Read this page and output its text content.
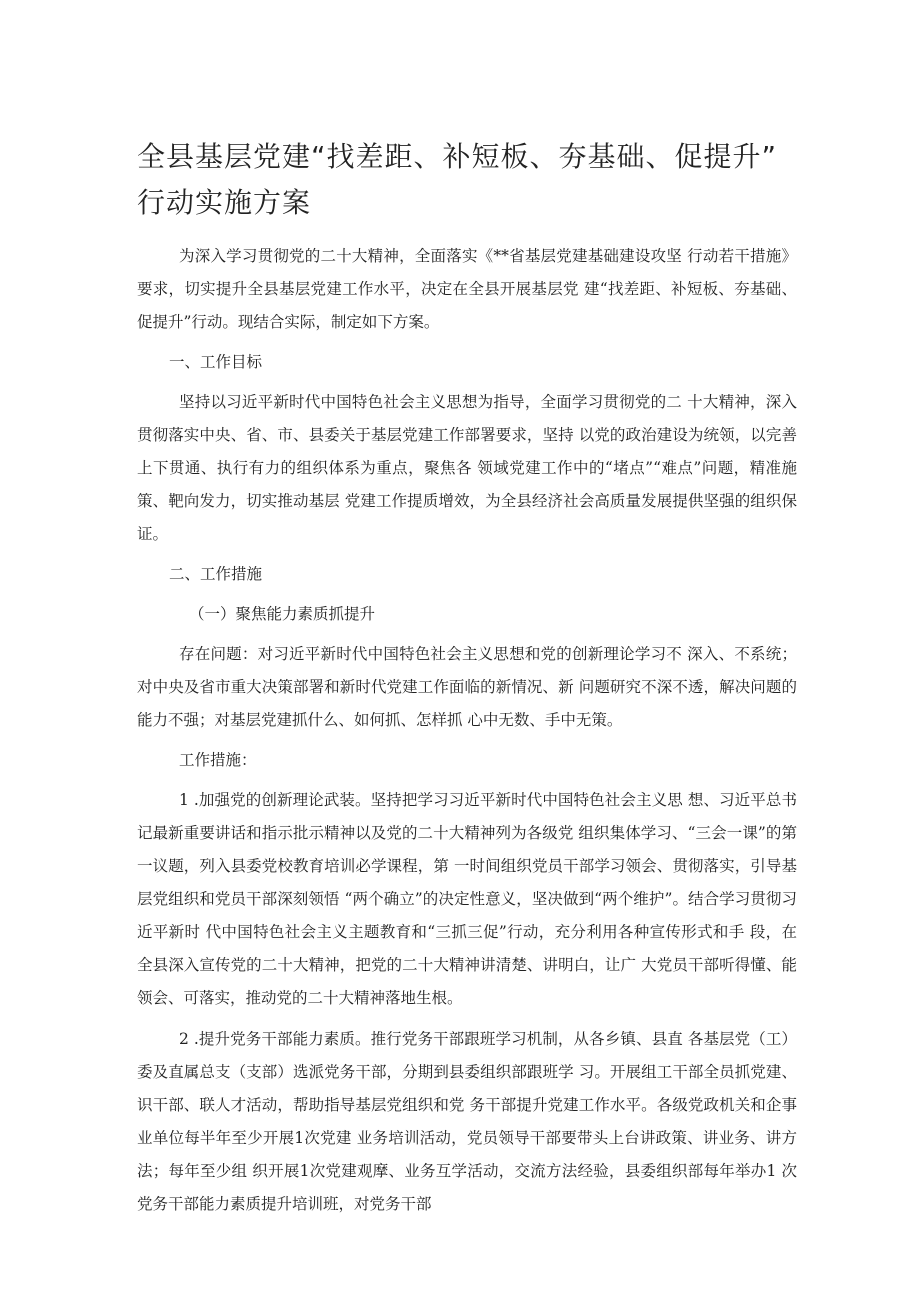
全县基层党建“找差距、补短板、夯基础、促提升”
行动实施方案

为深入学习贯彻党的二十大精神，全面落实《**省基层党建基础建设攻坚 行动若干措施》要求，切实提升全县基层党建工作水平，决定在全县开展基层党 建“找差距、补短板、夯基础、促提升”行动。现结合实际，制定如下方案。

一、工作目标

坚持以习近平新时代中国特色社会主义思想为指导，全面学习贯彻党的二 十大精神，深入贯彻落实中央、省、市、县委关于基层党建工作部署要求，坚持 以党的政治建设为统领，以完善上下贯通、执行有力的组织体系为重点，聚焦各 领域党建工作中的“堵点”“难点”问题，精准施策、靶向发力，切实推动基层 党建工作提质增效，为全县经济社会高质量发展提供坚强的组织保证。

二、工作措施

（一）聚焦能力素质抓提升

存在问题：对习近平新时代中国特色社会主义思想和党的创新理论学习不 深入、不系统；对中央及省市重大决策部署和新时代党建工作面临的新情况、新 问题研究不深不透，解决问题的能力不强；对基层党建抓什么、如何抓、怎样抓 心中无数、手中无策。

工作措施：

1 .加强党的创新理论武装。坚持把学习习近平新时代中国特色社会主义思 想、习近平总书记最新重要讲话和指示批示精神以及党的二十大精神列为各级党 组织集体学习、“三会一课”的第一议题，列入县委党校教育培训必学课程，第 一时间组织党员干部学习领会、贯彻落实，引导基层党组织和党员干部深刻领悟 “两个确立”的决定性意义，坚决做到“两个维护”。结合学习贯彻习近平新时 代中国特色社会主义主题教育和“三抓三促”行动，充分利用各种宣传形式和手 段，在全县深入宣传党的二十大精神，把党的二十大精神讲清楚、讲明白，让广 大党员干部听得懂、能领会、可落实，推动党的二十大精神落地生根。

2 .提升党务干部能力素质。推行党务干部跟班学习机制，从各乡镇、县直 各基层党（工）委及直属总支（支部）选派党务干部，分期到县委组织部跟班学 习。开展组工干部全员抓党建、识干部、联人才活动，帮助指导基层党组织和党 务干部提升党建工作水平。各级党政机关和企事业单位每半年至少开展1次党建 业务培训活动，党员领导干部要带头上台讲政策、讲业务、讲方法；每年至少组 织开展1次党建观摩、业务互学活动，交流方法经验，县委组织部每年举办1 次党务干部能力素质提升培训班，对党务干部
